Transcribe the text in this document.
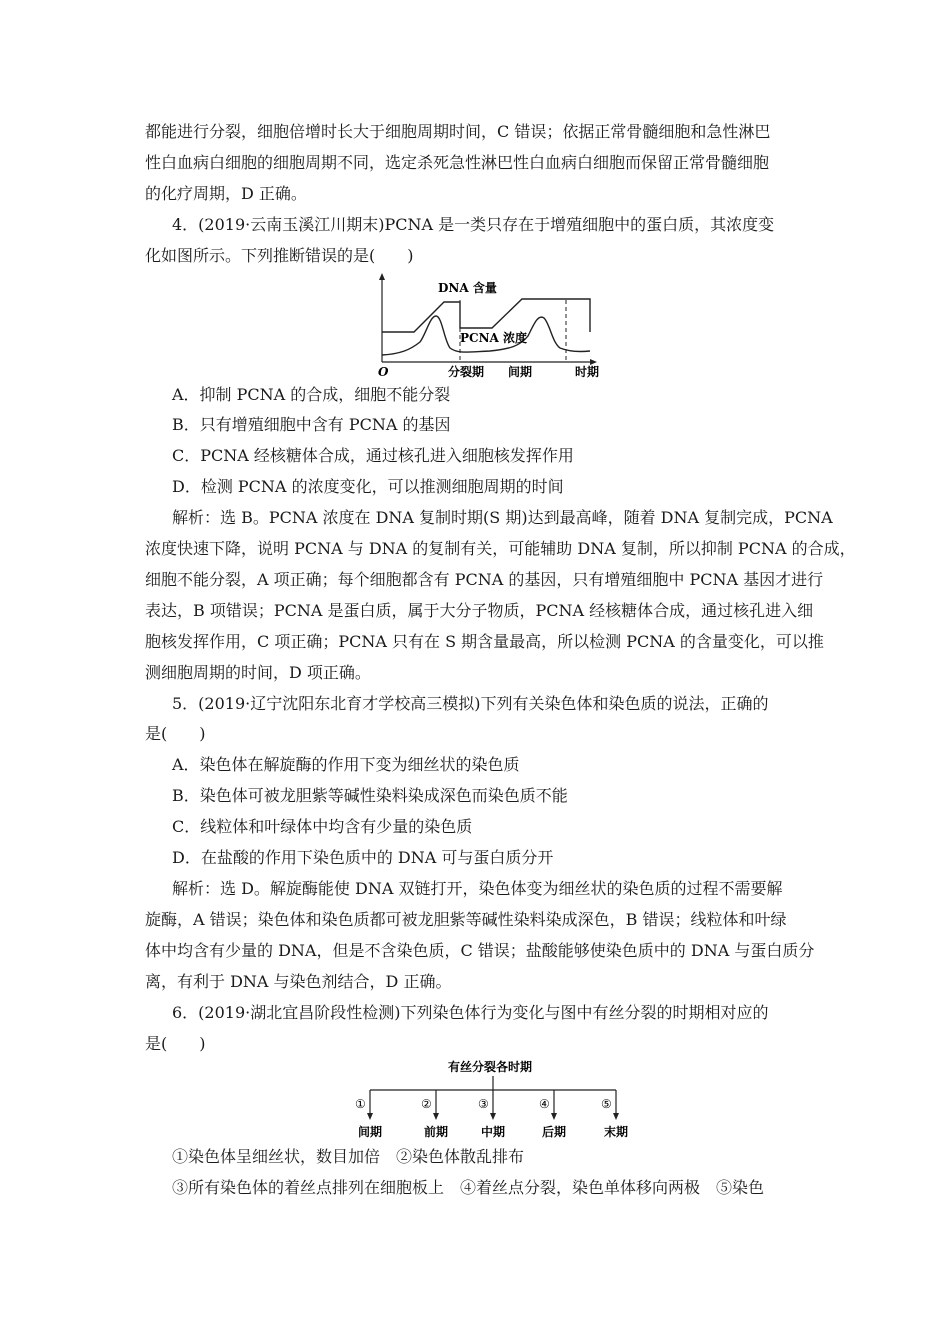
都能进行分裂，细胞倍增时长大于细胞周期时间，C 错误；依据正常骨髓细胞和急性淋巴
性白血病白细胞的细胞周期不同，选定杀死急性淋巴性白血病白细胞而保留正常骨髓细胞
的化疗周期，D 正确。
4．(2019·云南玉溪江川期末)PCNA 是一类只存在于增殖细胞中的蛋白质，其浓度变
化如图所示。下列推断错误的是(　　)
DNA 含量
PCNA 浓度
O	分裂期 间期	时期
A．抑制 PCNA 的合成，细胞不能分裂
B．只有增殖细胞中含有 PCNA 的基因
C．PCNA 经核糖体合成，通过核孔进入细胞核发挥作用
D．检测 PCNA 的浓度变化，可以推测细胞周期的时间
解析：选 B。PCNA 浓度在 DNA 复制时期(S 期)达到最高峰，随着 DNA 复制完成，PCNA
浓度快速下降，说明 PCNA 与 DNA 的复制有关，可能辅助 DNA 复制，所以抑制 PCNA 的合成，
细胞不能分裂，A 项正确；每个细胞都含有 PCNA 的基因，只有增殖细胞中 PCNA 基因才进行
表达，B 项错误；PCNA 是蛋白质，属于大分子物质，PCNA 经核糖体合成，通过核孔进入细
胞核发挥作用，C 项正确；PCNA 只有在 S 期含量最高，所以检测 PCNA 的含量变化，可以推
测细胞周期的时间，D 项正确。
5．(2019·辽宁沈阳东北育才学校高三模拟)下列有关染色体和染色质的说法，正确的
是(　　)
A．染色体在解旋酶的作用下变为细丝状的染色质
B．染色体可被龙胆紫等碱性染料染成深色而染色质不能
C．线粒体和叶绿体中均含有少量的染色质
D．在盐酸的作用下染色质中的 DNA 可与蛋白质分开
解析：选 D。解旋酶能使 DNA 双链打开，染色体变为细丝状的染色质的过程不需要解
旋酶，A 错误；染色体和染色质都可被龙胆紫等碱性染料染成深色，B 错误；线粒体和叶绿
体中均含有少量的 DNA，但是不含染色质，C 错误；盐酸能够使染色质中的 DNA 与蛋白质分
离，有利于 DNA 与染色剂结合，D 正确。
6．(2019·湖北宜昌阶段性检测)下列染色体行为变化与图中有丝分裂的时期相对应的
是(　　)
有丝分裂各时期
①	②	③	④	⑤
间期	前期	中期	后期	末期
①染色体呈细丝状，数目加倍　②染色体散乱排布
③所有染色体的着丝点排列在细胞板上　④着丝点分裂，染色单体移向两极　⑤染色
